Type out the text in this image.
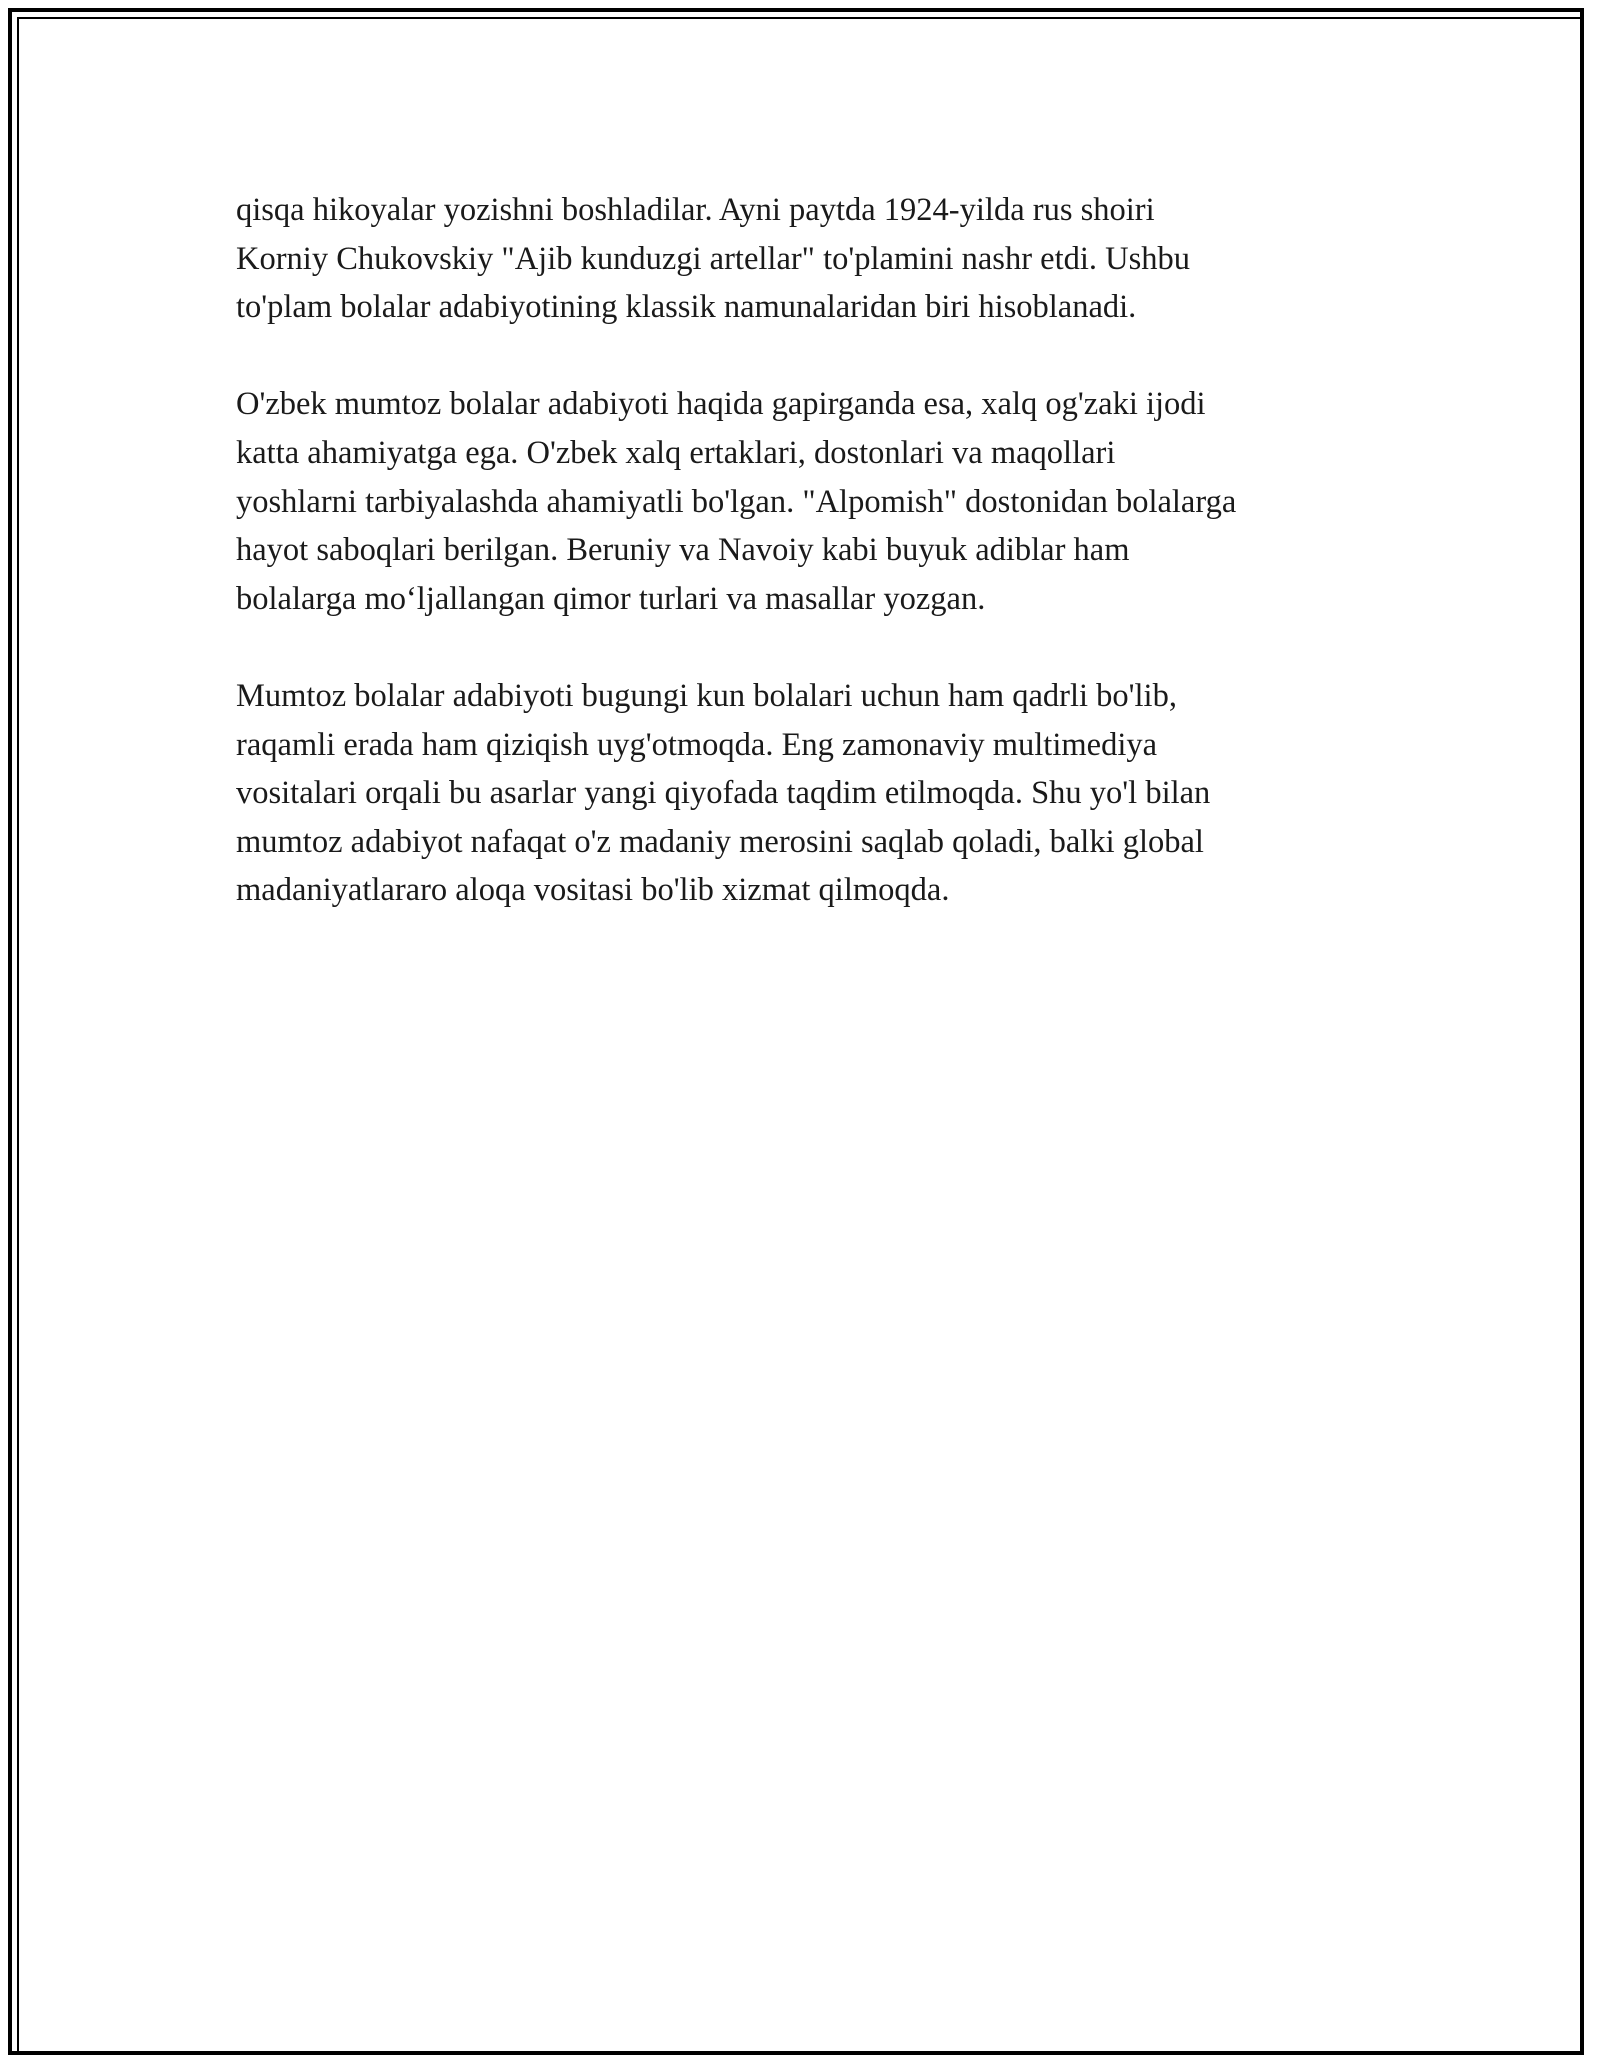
qisqa hikoyalar yozishni boshladilar. Ayni paytda 1924-yilda rus shoiri
Korniy Chukovskiy "Ajib kunduzgi artellar" to'plamini nashr etdi. Ushbu
to'plam bolalar adabiyotining klassik namunalaridan biri hisoblanadi.

O'zbek mumtoz bolalar adabiyoti haqida gapirganda esa, xalq og'zaki ijodi
katta ahamiyatga ega. O'zbek xalq ertaklari, dostonlari va maqollari
yoshlarni tarbiyalashda ahamiyatli bo'lgan. "Alpomish" dostonidan bolalarga
hayot saboqlari berilgan. Beruniy va Navoiy kabi buyuk adiblar ham
bolalarga mo‘ljallangan qimor turlari va masallar yozgan.

Mumtoz bolalar adabiyoti bugungi kun bolalari uchun ham qadrli bo'lib,
raqamli erada ham qiziqish uyg'otmoqda. Eng zamonaviy multimediya
vositalari orqali bu asarlar yangi qiyofada taqdim etilmoqda. Shu yo'l bilan
mumtoz adabiyot nafaqat o'z madaniy merosini saqlab qoladi, balki global
madaniyatlararo aloqa vositasi bo'lib xizmat qilmoqda.
